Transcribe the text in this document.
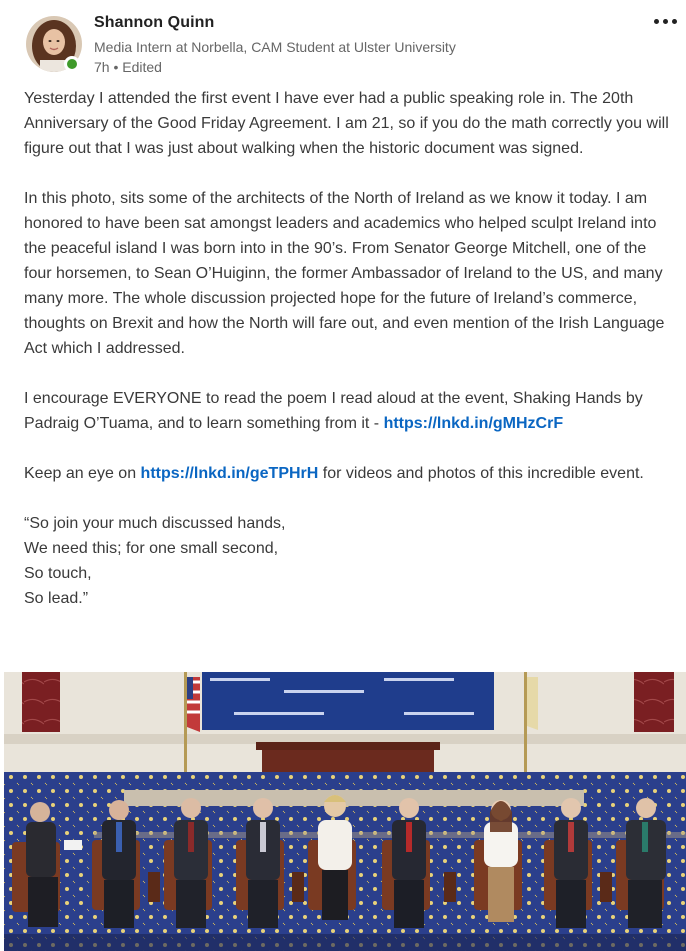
Shannon Quinn
Media Intern at Norbella, CAM Student at Ulster University
7h • Edited

Yesterday I attended the first event I have ever had a public speaking role in. The 20th Anniversary of the Good Friday Agreement. I am 21, so if you do the math correctly you will figure out that I was just about walking when the historic document was signed.

In this photo, sits some of the architects of the North of Ireland as we know it today. I am honored to have been sat amongst leaders and academics who helped sculpt Ireland into the peaceful island I was born into in the 90’s. From Senator George Mitchell, one of the four horsemen, to Sean O’Huiginn, the former Ambassador of Ireland to the US, and many many more. The whole discussion projected hope for the future of Ireland’s commerce, thoughts on Brexit and how the North will fare out, and even mention of the Irish Language Act which I addressed.

I encourage EVERYONE to read the poem I read aloud at the event, Shaking Hands by Padraig O’Tuama, and to learn something from it - https://lnkd.in/gMHzCrF

Keep an eye on https://lnkd.in/geTPHrH for videos and photos of this incredible event.

“So join your much discussed hands,
We need this; for one small second,
So touch,
So lead.”
